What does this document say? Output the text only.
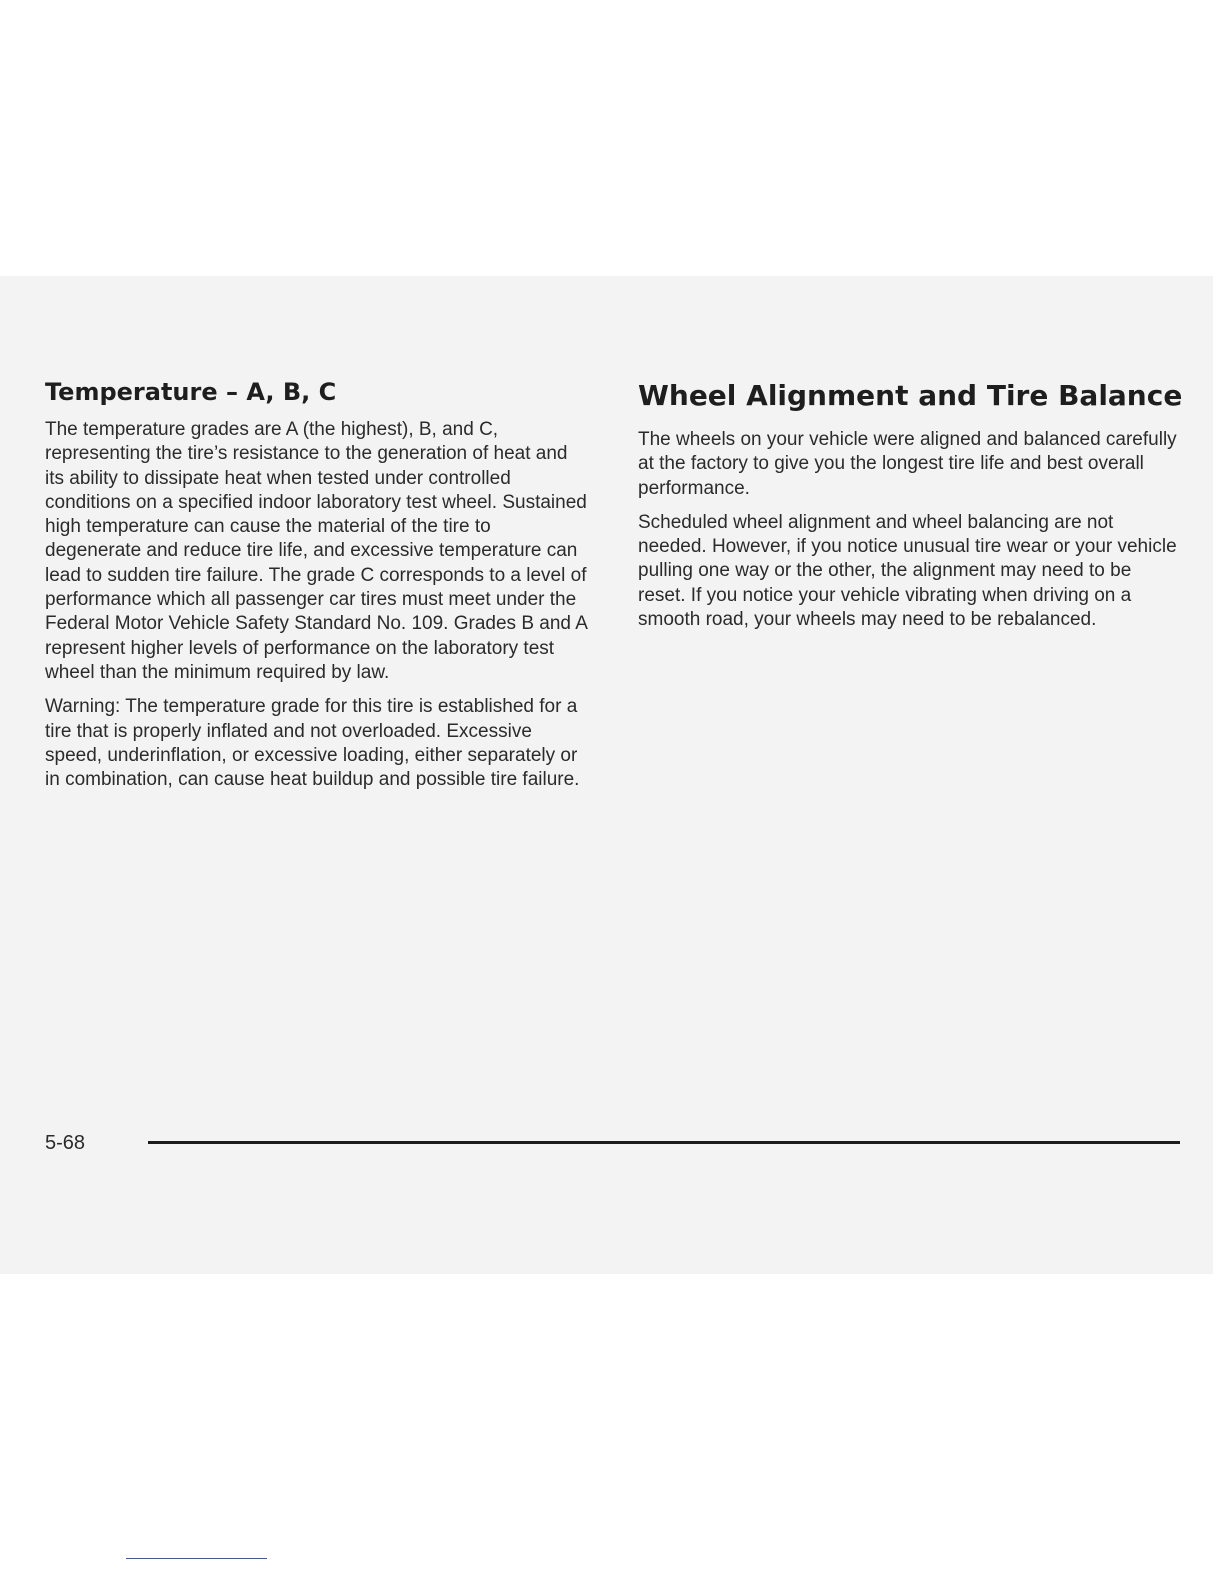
Temperature – A, B, C

The temperature grades are A (the highest), B, and C, representing the tire’s resistance to the generation of heat and its ability to dissipate heat when tested under controlled conditions on a specified indoor laboratory test wheel. Sustained high temperature can cause the material of the tire to degenerate and reduce tire life, and excessive temperature can lead to sudden tire failure. The grade C corresponds to a level of performance which all passenger car tires must meet under the Federal Motor Vehicle Safety Standard No. 109. Grades B and A represent higher levels of performance on the laboratory test wheel than the minimum required by law.

Warning: The temperature grade for this tire is established for a tire that is properly inflated and not overloaded. Excessive speed, underinflation, or excessive loading, either separately or in combination, can cause heat buildup and possible tire failure.

Wheel Alignment and Tire Balance

The wheels on your vehicle were aligned and balanced carefully at the factory to give you the longest tire life and best overall performance.

Scheduled wheel alignment and wheel balancing are not needed. However, if you notice unusual tire wear or your vehicle pulling one way or the other, the alignment may need to be reset. If you notice your vehicle vibrating when driving on a smooth road, your wheels may need to be rebalanced.

5-68
